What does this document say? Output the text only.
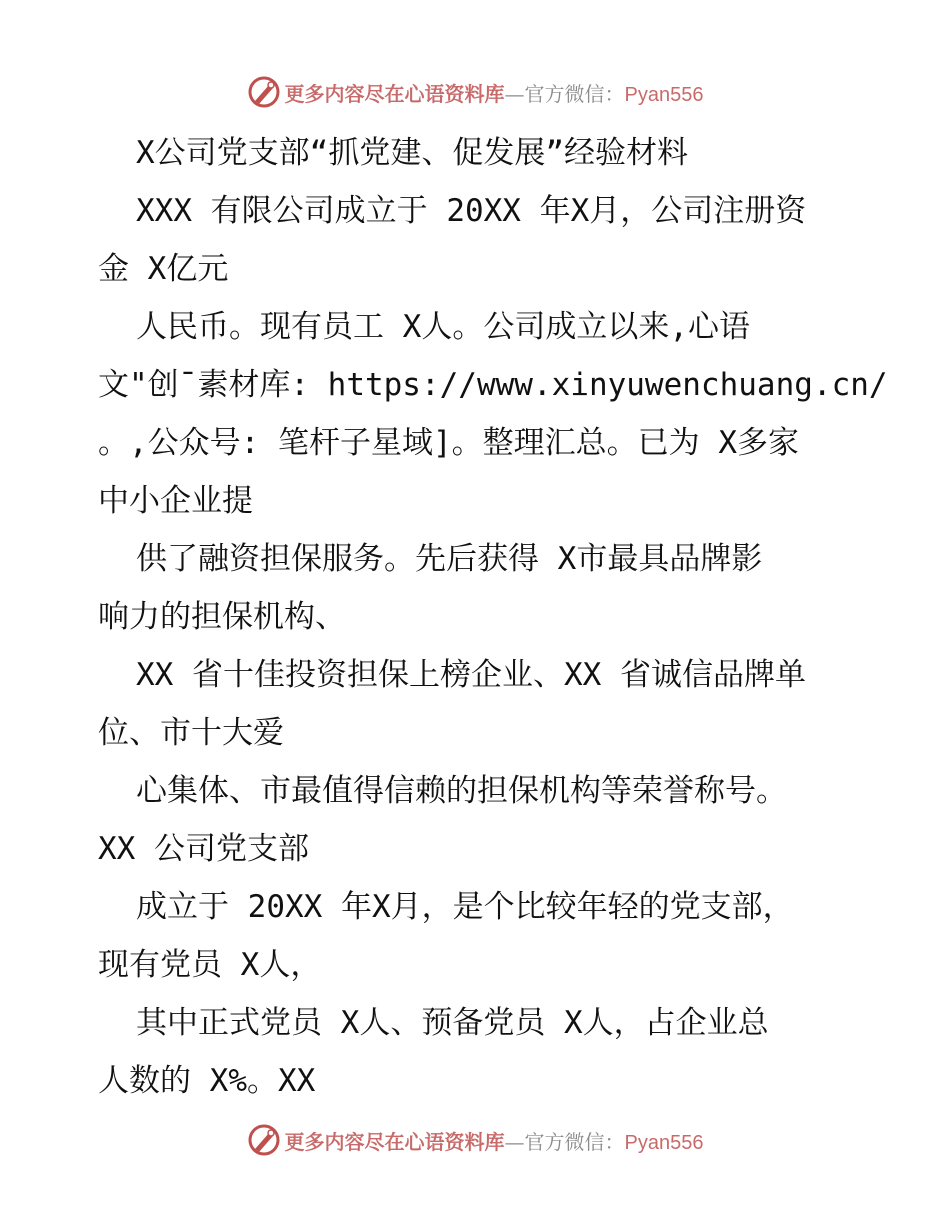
更多内容尽在心语资料库—官方微信：Pyan556
X公司党支部“抓党建、促发展”经验材料
XXX 有限公司成立于 20XX 年X月，公司注册资
金 X亿元
人民币。现有员工 X人。公司成立以来,心语
文"创¯素材库: https://www.xinyuwenchuang.cn/
。,公众号: 笔杆子星域]。整理汇总。已为 X多家
中小企业提
供了融资担保服务。先后获得 X市最具品牌影
响力的担保机构、
XX 省十佳投资担保上榜企业、XX 省诚信品牌单
位、市十大爱
心集体、市最值得信赖的担保机构等荣誉称号。
XX 公司党支部
成立于 20XX 年X月，是个比较年轻的党支部，
现有党员 X人，
其中正式党员 X人、预备党员 X人，占企业总
人数的 X%。XX
更多内容尽在心语资料库—官方微信：Pyan556
